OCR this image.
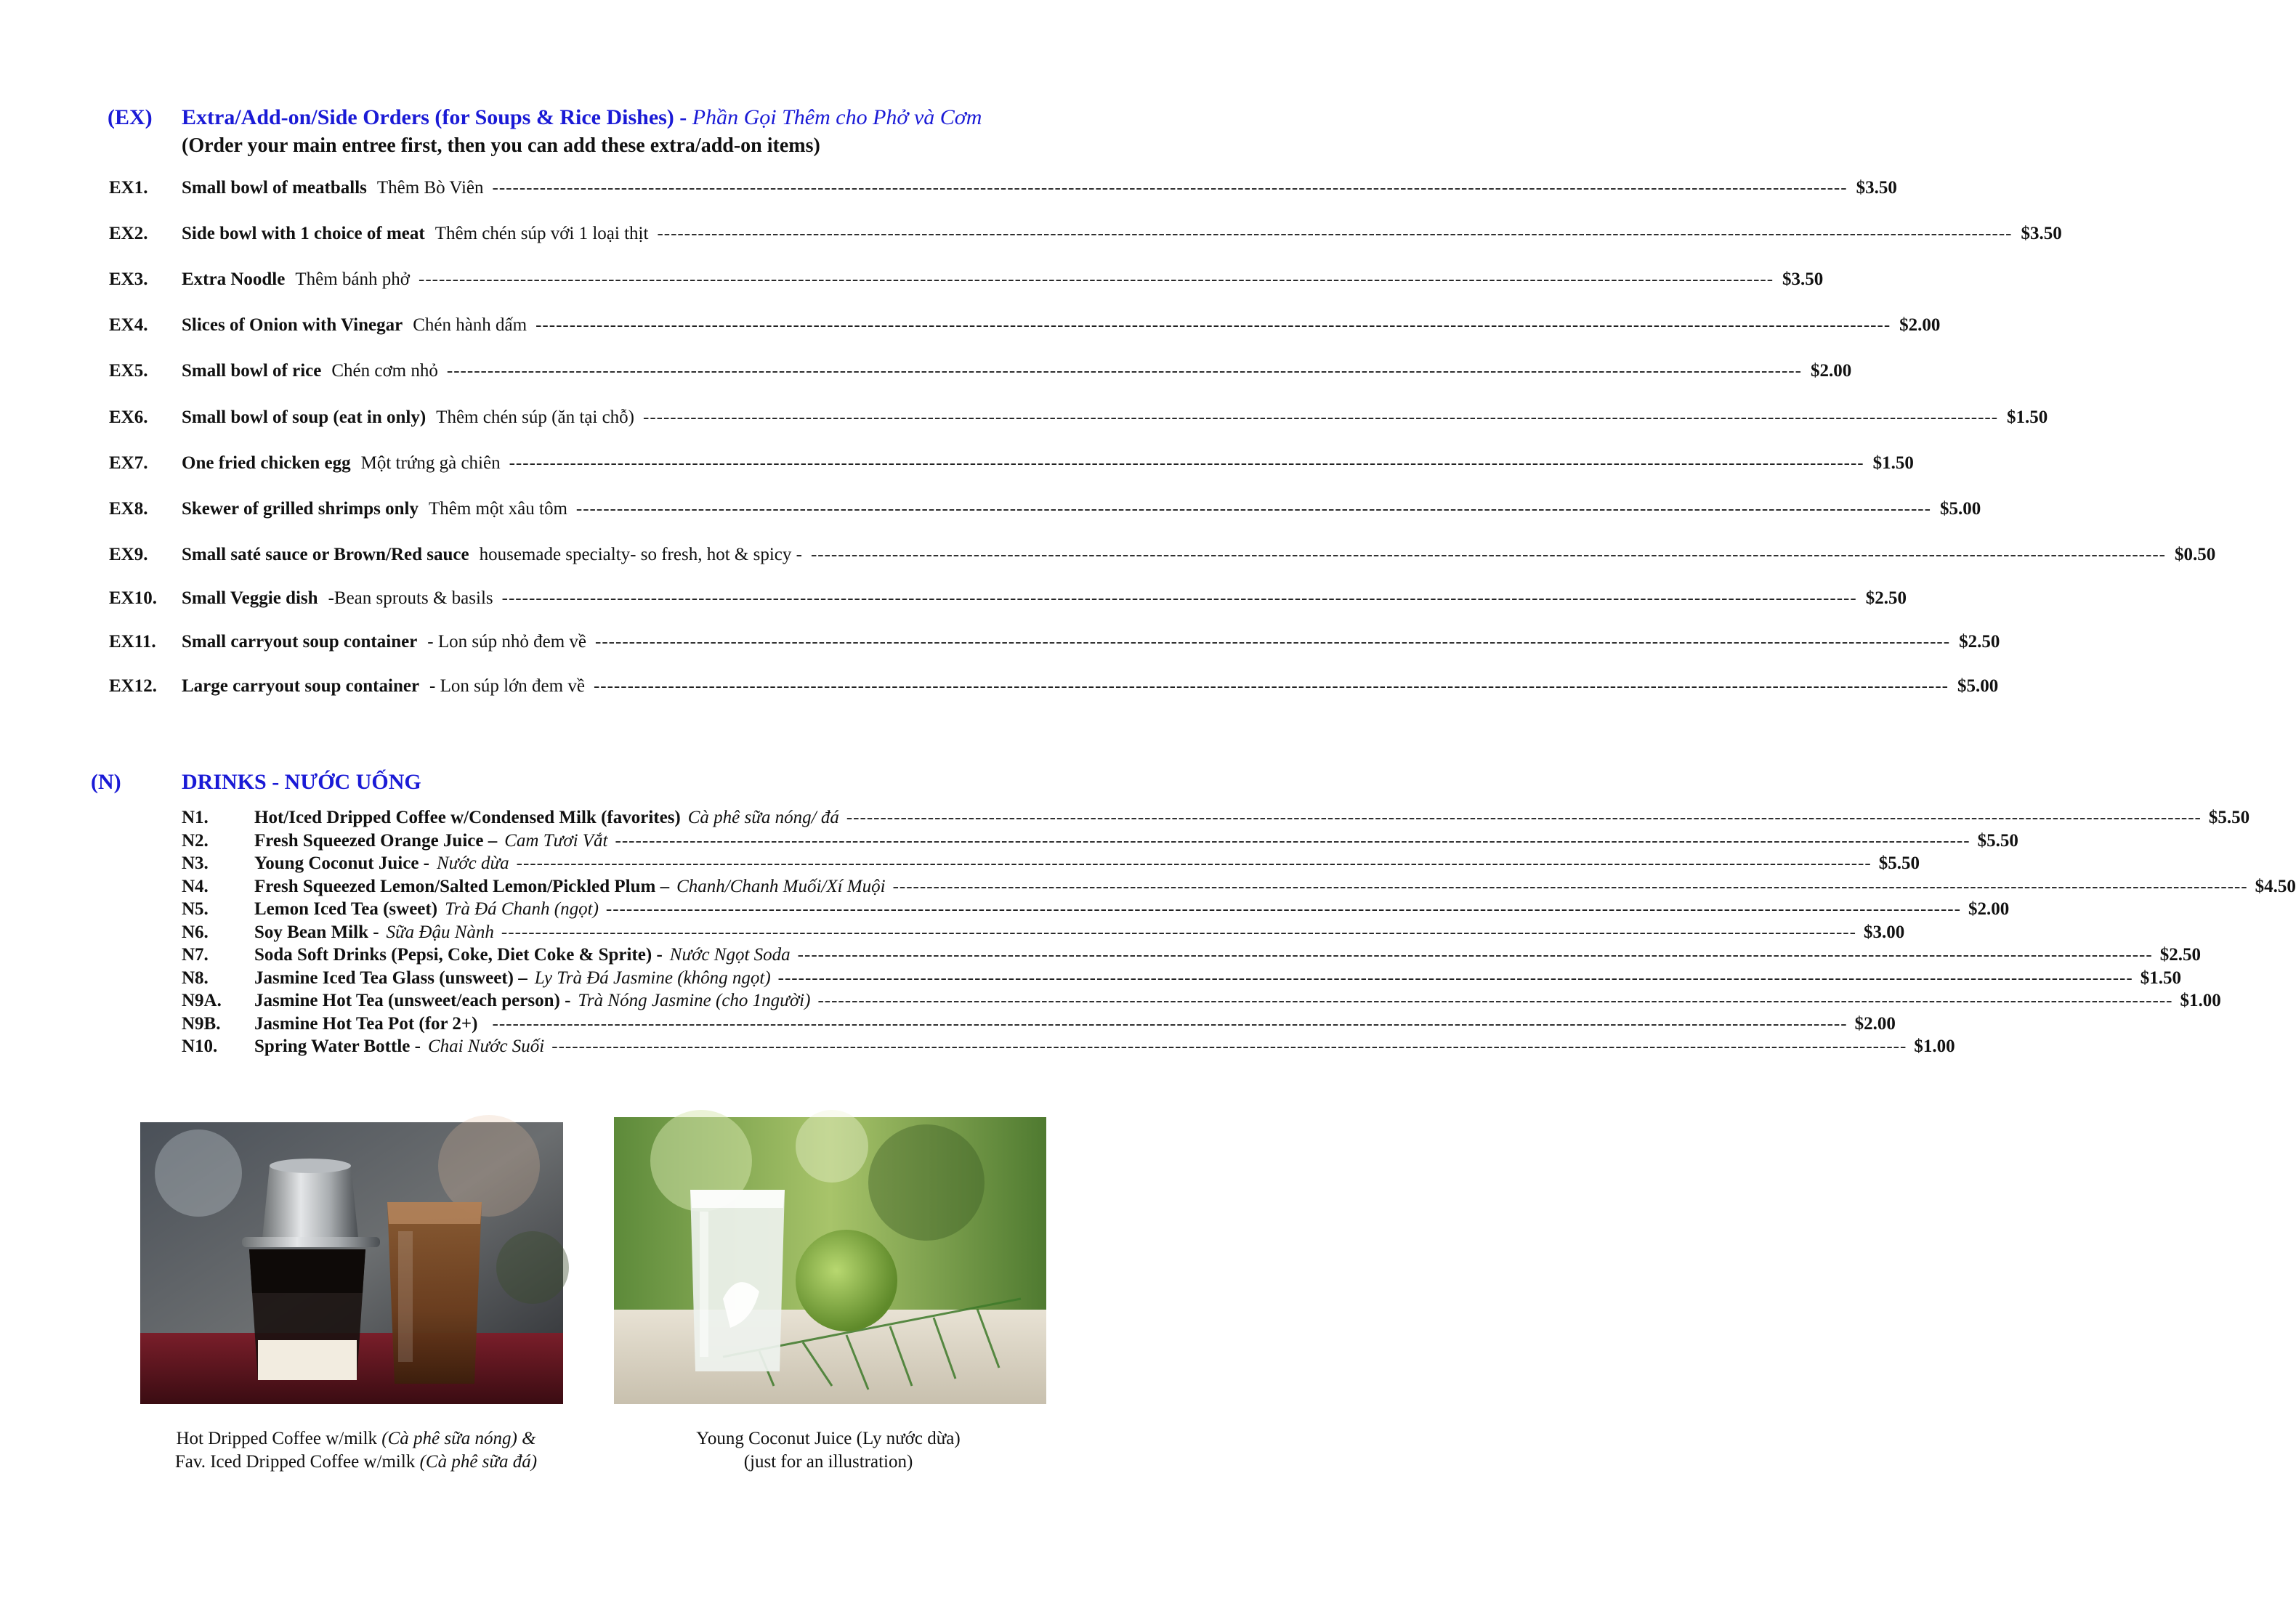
(EX) Extra/Add-on/Side Orders (for Soups & Rice Dishes) - Phần Gọi Thêm cho Phở và Cơm
(Order your main entree first, then you can add these extra/add-on items)
EX1.	Small bowl of meatballs Thêm Bò Viên -------------------------------------------------------------------------------------------------------------------------------------------------------------------------------------------------------- $3.50
EX2.	Side bowl with 1 choice of meat Thêm chén súp với 1 loại thịt -------------------------------------------------------------------------------------------------------------------------------------------------------------------------------------------------------- $3.50
EX3.	Extra Noodle Thêm bánh phở -------------------------------------------------------------------------------------------------------------------------------------------------------------------------------------------------------- $3.50
EX4.	Slices of Onion with Vinegar Chén hành dấm -------------------------------------------------------------------------------------------------------------------------------------------------------------------------------------------------------- $2.00
EX5.	Small bowl of rice Chén cơm nhỏ -------------------------------------------------------------------------------------------------------------------------------------------------------------------------------------------------------- $2.00
EX6.	Small bowl of soup (eat in only) Thêm chén súp (ăn tại chỗ) -------------------------------------------------------------------------------------------------------------------------------------------------------------------------------------------------------- $1.50
EX7.	One fried chicken egg Một trứng gà chiên -------------------------------------------------------------------------------------------------------------------------------------------------------------------------------------------------------- $1.50
EX8.	Skewer of grilled shrimps only Thêm một xâu tôm -------------------------------------------------------------------------------------------------------------------------------------------------------------------------------------------------------- $5.00
EX9.	Small saté sauce or Brown/Red sauce housemade specialty- so fresh, hot & spicy - -------------------------------------------------------------------------------------------------------------------------------------------------------------------------------------------------------- $0.50
EX10.	Small Veggie dish -Bean sprouts & basils -------------------------------------------------------------------------------------------------------------------------------------------------------------------------------------------------------- $2.50
EX11.	Small carryout soup container - Lon súp nhỏ đem về -------------------------------------------------------------------------------------------------------------------------------------------------------------------------------------------------------- $2.50
EX12.	Large carryout soup container - Lon súp lớn đem về -------------------------------------------------------------------------------------------------------------------------------------------------------------------------------------------------------- $5.00
(N)	DRINKS - NƯỚC UỐNG
N1.	Hot/Iced Dripped Coffee w/Condensed Milk (favorites) Cà phê sữa nóng/ đá -------------------------------------------------------------------------------------------------------------------------------------------------------------------------------------------------------- $5.50
N2.	Fresh Squeezed Orange Juice – Cam Tươi Vắt -------------------------------------------------------------------------------------------------------------------------------------------------------------------------------------------------------- $5.50
N3.	Young Coconut Juice - Nước dừa -------------------------------------------------------------------------------------------------------------------------------------------------------------------------------------------------------- $5.50
N4.	Fresh Squeezed Lemon/Salted Lemon/Pickled Plum – Chanh/Chanh Muối/Xí Muội -------------------------------------------------------------------------------------------------------------------------------------------------------------------------------------------------------- $4.50
N5.	Lemon Iced Tea (sweet) Trà Đá Chanh (ngọt) -------------------------------------------------------------------------------------------------------------------------------------------------------------------------------------------------------- $2.00
N6.	Soy Bean Milk - Sữa Đậu Nành -------------------------------------------------------------------------------------------------------------------------------------------------------------------------------------------------------- $3.00
N7.	Soda Soft Drinks (Pepsi, Coke, Diet Coke & Sprite) - Nước Ngọt Soda -------------------------------------------------------------------------------------------------------------------------------------------------------------------------------------------------------- $2.50
N8.	Jasmine Iced Tea Glass (unsweet) – Ly Trà Đá Jasmine (không ngọt) -------------------------------------------------------------------------------------------------------------------------------------------------------------------------------------------------------- $1.50
N9A.	Jasmine Hot Tea (unsweet/each person) - Trà Nóng Jasmine (cho 1người) -------------------------------------------------------------------------------------------------------------------------------------------------------------------------------------------------------- $1.00
N9B.	Jasmine Hot Tea Pot (for 2+) -------------------------------------------------------------------------------------------------------------------------------------------------------------------------------------------------------- $2.00
N10.	Spring Water Bottle - Chai Nước Suối -------------------------------------------------------------------------------------------------------------------------------------------------------------------------------------------------------- $1.00
Hot Dripped Coffee w/milk (Cà phê sữa nóng) &
Fav. Iced Dripped Coffee w/milk (Cà phê sữa đá)
Young Coconut Juice (Ly nước dừa)
(just for an illustration)
